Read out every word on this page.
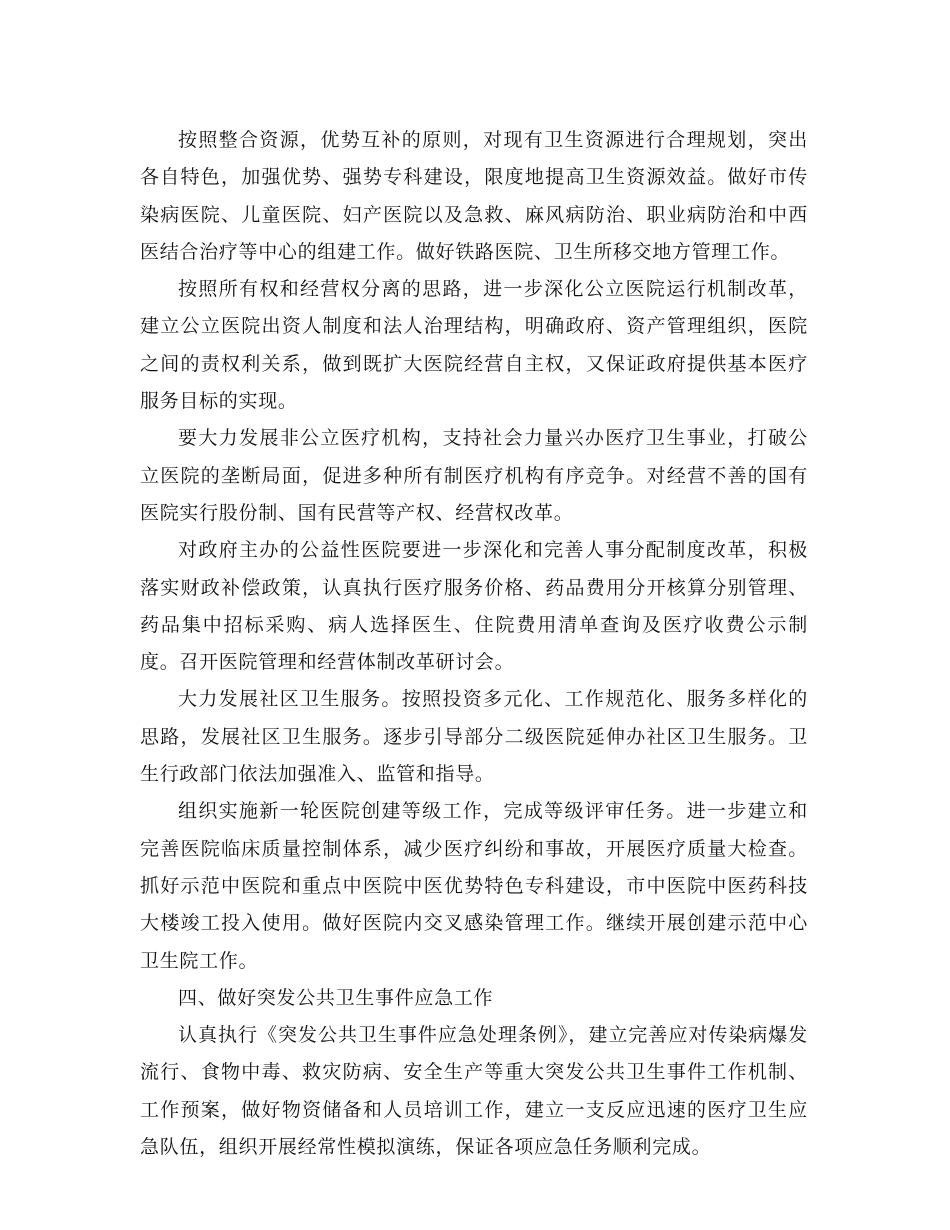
按照整合资源，优势互补的原则，对现有卫生资源进行合理规划，突出各自特色，加强优势、强势专科建设，限度地提高卫生资源效益。做好市传染病医院、儿童医院、妇产医院以及急救、麻风病防治、职业病防治和中西医结合治疗等中心的组建工作。做好铁路医院、卫生所移交地方管理工作。

按照所有权和经营权分离的思路，进一步深化公立医院运行机制改革，建立公立医院出资人制度和法人治理结构，明确政府、资产管理组织，医院之间的责权利关系，做到既扩大医院经营自主权，又保证政府提供基本医疗服务目标的实现。

要大力发展非公立医疗机构，支持社会力量兴办医疗卫生事业，打破公立医院的垄断局面，促进多种所有制医疗机构有序竞争。对经营不善的国有医院实行股份制、国有民营等产权、经营权改革。

对政府主办的公益性医院要进一步深化和完善人事分配制度改革，积极落实财政补偿政策，认真执行医疗服务价格、药品费用分开核算分别管理、药品集中招标采购、病人选择医生、住院费用清单查询及医疗收费公示制度。召开医院管理和经营体制改革研讨会。

大力发展社区卫生服务。按照投资多元化、工作规范化、服务多样化的思路，发展社区卫生服务。逐步引导部分二级医院延伸办社区卫生服务。卫生行政部门依法加强准入、监管和指导。

组织实施新一轮医院创建等级工作，完成等级评审任务。进一步建立和完善医院临床质量控制体系，减少医疗纠纷和事故，开展医疗质量大检查。抓好示范中医院和重点中医院中医优势特色专科建设，市中医院中医药科技大楼竣工投入使用。做好医院内交叉感染管理工作。继续开展创建示范中心卫生院工作。

四、做好突发公共卫生事件应急工作

认真执行《突发公共卫生事件应急处理条例》，建立完善应对传染病爆发流行、食物中毒、救灾防病、安全生产等重大突发公共卫生事件工作机制、工作预案，做好物资储备和人员培训工作，建立一支反应迅速的医疗卫生应急队伍，组织开展经常性模拟演练，保证各项应急任务顺利完成。
